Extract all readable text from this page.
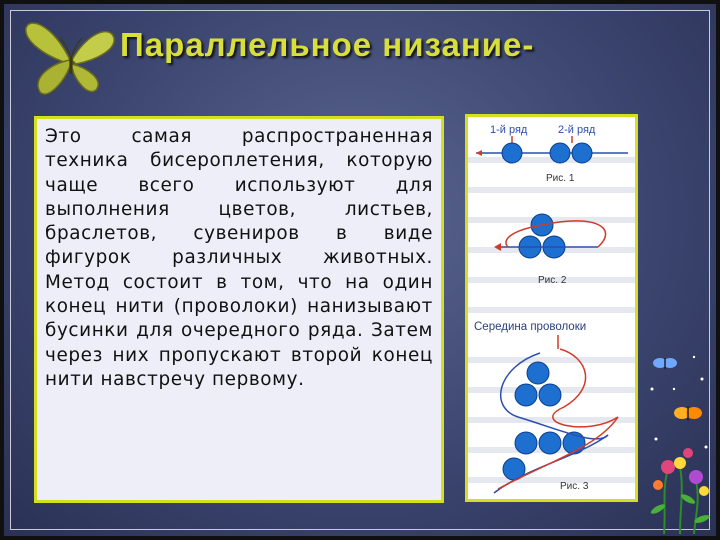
Параллельное низание-

Это самая распространенная техника бисероплетения, которую чаще всего используют для выполнения цветов, листьев, браслетов, сувениров в виде фигурок различных животных. Метод состоит в том, что на один конец нити (проволоки) нанизывают бусинки для очередного ряда. Затем через них пропускают второй конец нити навстречу первому.

1-й ряд	2-й ряд
Рис. 1
Рис. 2
Середина проволоки
Рис. 3
